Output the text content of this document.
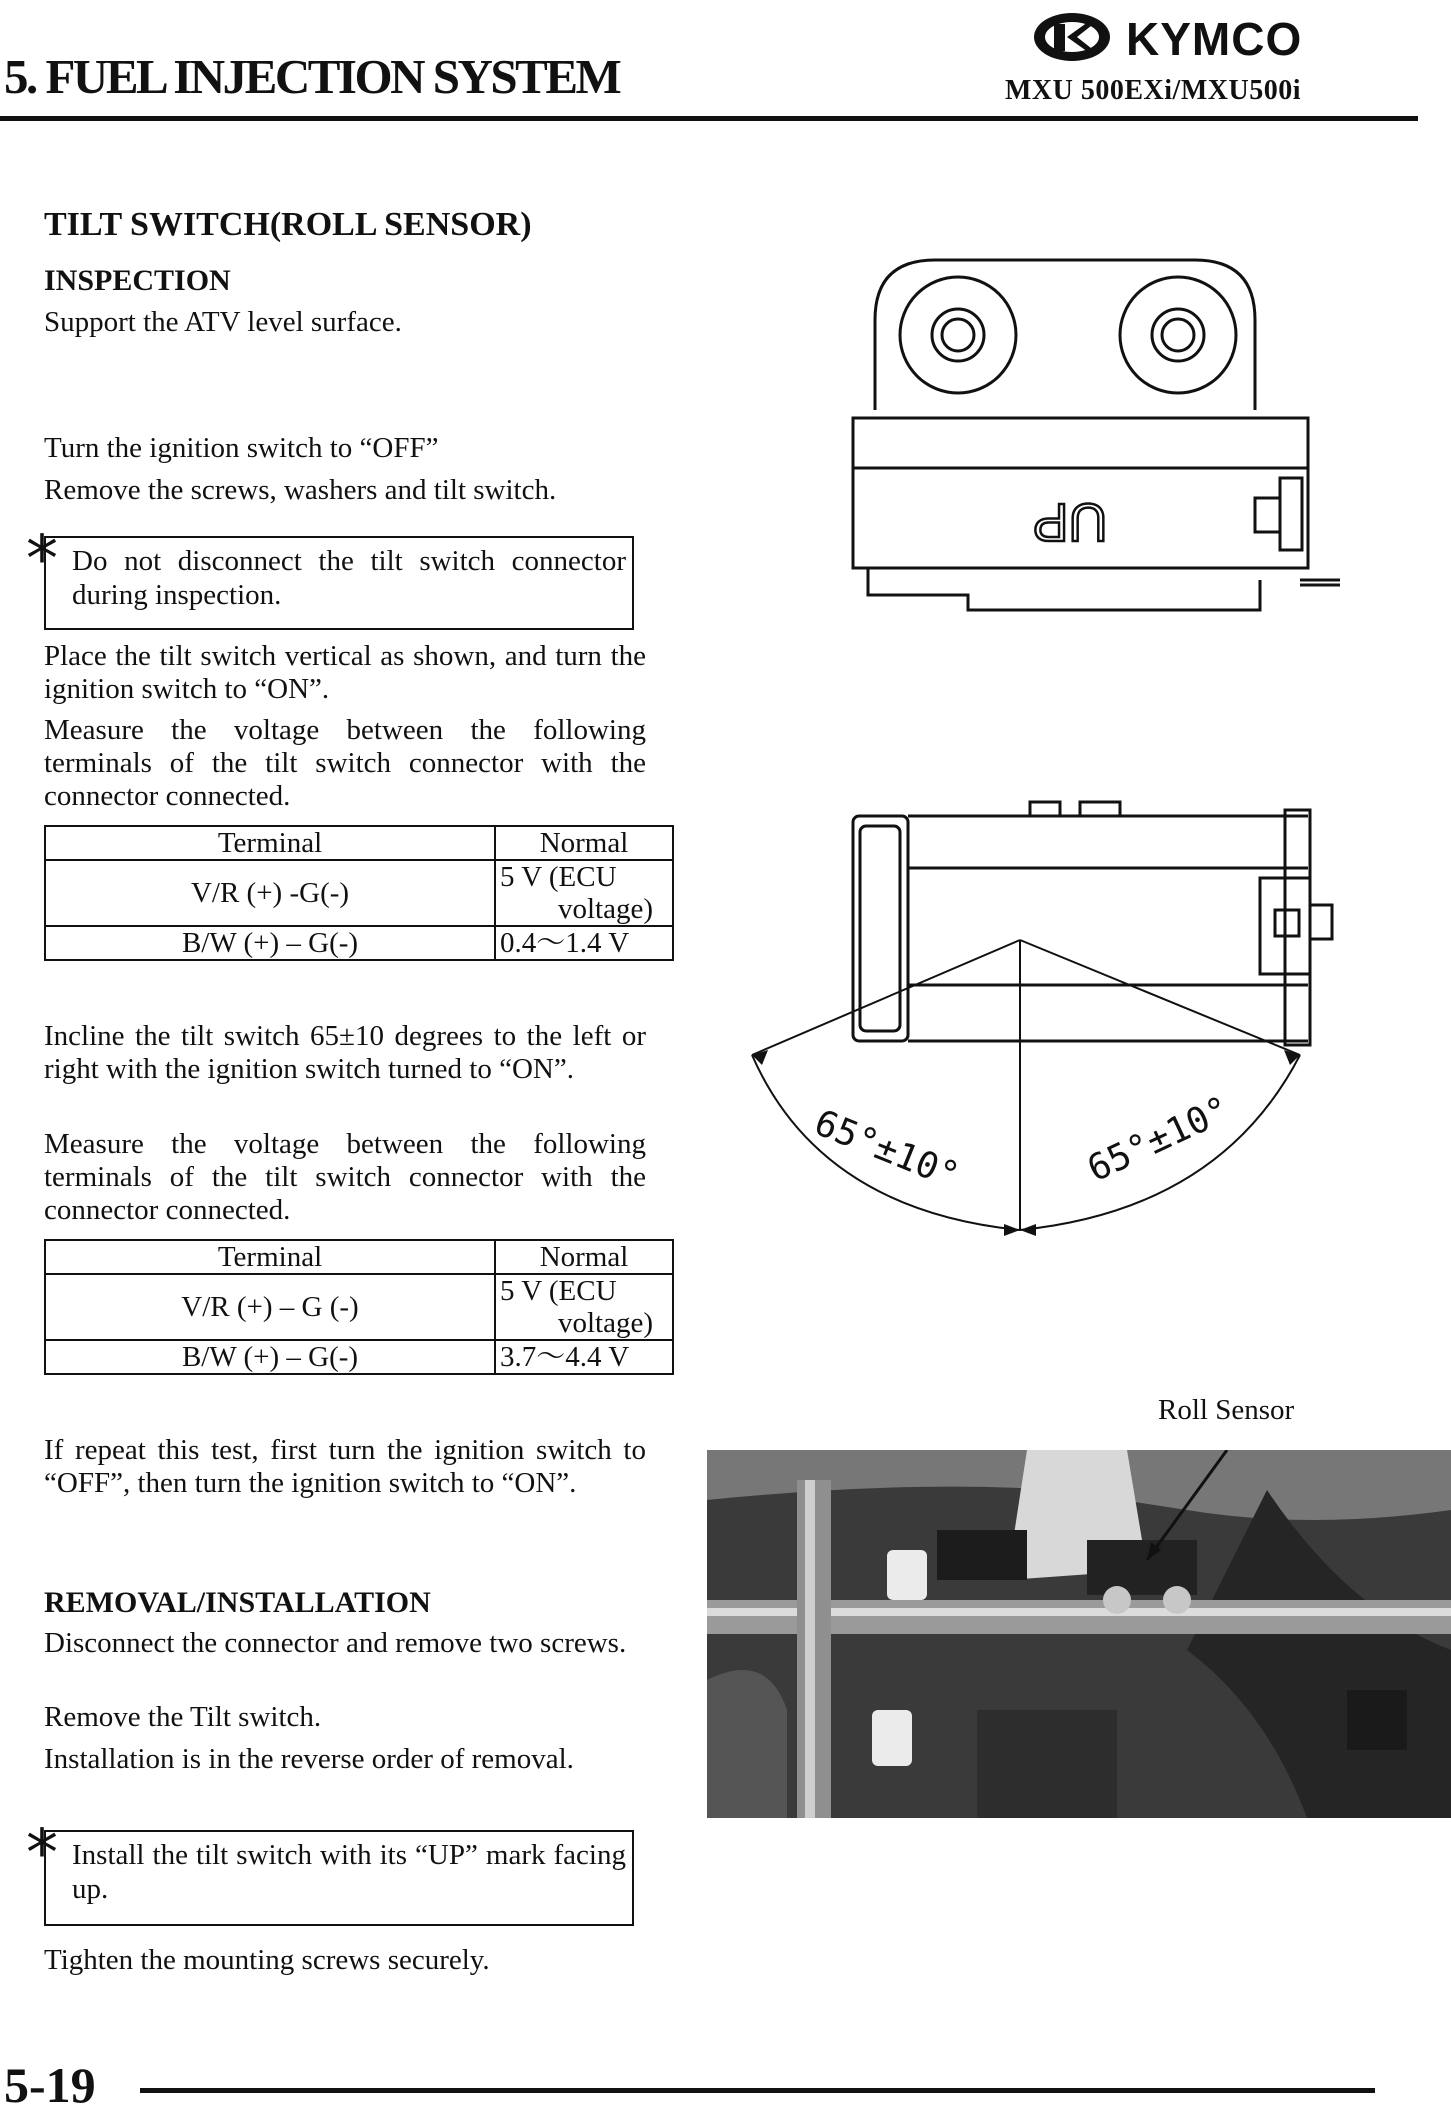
5. FUEL INJECTION SYSTEM
KYMCO
MXU 500EXi/MXU500i
TILT SWITCH(ROLL SENSOR)
INSPECTION
Support the ATV level surface.
Turn the ignition switch to “OFF”
Remove the screws, washers and tilt switch.
* Do not disconnect the tilt switch connector during inspection.
Place the tilt switch vertical as shown, and turn the ignition switch to “ON”.
Measure the voltage between the following terminals of the tilt switch connector with the connector connected.
Terminal	Normal
V/R (+) -G(-)	5 V (ECU
voltage)

B/W (+) – G(-)	0.4～1.4 V
Incline the tilt switch 65±10 degrees to the left or right with the ignition switch turned to “ON”.
Measure the voltage between the following terminals of the tilt switch connector with the connector connected.
Terminal	Normal
V/R (+) – G (-)	5 V (ECU
voltage)

B/W (+) – G(-)	3.7～4.4 V
If repeat this test, first turn the ignition switch to “OFF”, then turn the ignition switch to “ON”.
REMOVAL/INSTALLATION
Disconnect the connector and remove two screws.
Remove the Tilt switch.
Installation is in the reverse order of removal.
* Install the tilt switch with its “UP” mark facing up.
Tighten the mounting screws securely.
UP
65°±10°	65°±10°
Roll Sensor
5-19
